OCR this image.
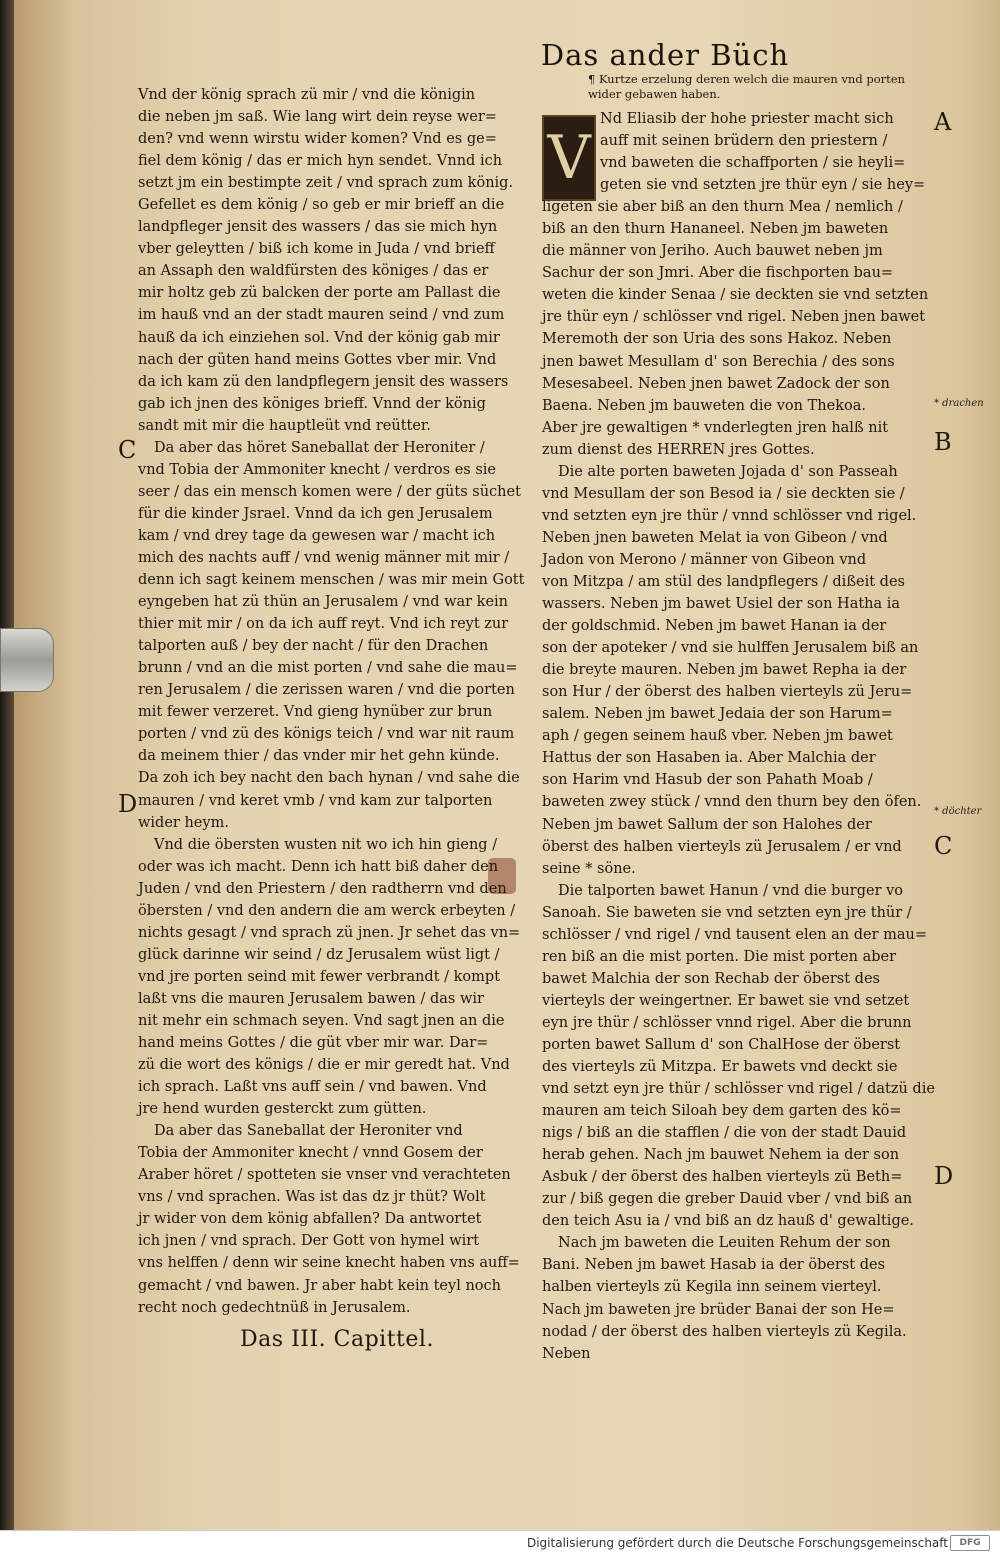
Das ander Büch
Vnd der könig sprach zü mir / vnd die königin
die neben jm saß. Wie lang wirt dein reyse wer=
den? vnd wenn wirstu wider komen? Vnd es ge=
fiel dem könig / das er mich hyn sendet. Vnnd ich
setzt jm ein bestimpte zeit / vnd sprach zum könig.
Gefellet es dem könig / so geb er mir brieff an die
landpfleger jensit des wassers / das sie mich hyn
vber geleytten / biß ich kome in Juda / vnd brieff
an Assaph den waldfürsten des königes / das er
mir holtz geb zü balcken der porte am Pallast die
im hauß vnd an der stadt mauren seind / vnd zum
hauß da ich einziehen sol. Vnd der könig gab mir
nach der güten hand meins Gottes vber mir. Vnd
da ich kam zü den landpflegern jensit des wassers
gab ich jnen des königes brieff. Vnnd der könig
sandt mit mir die hauptleüt vnd reütter.
Da aber das höret Saneballat der Heroniter /
vnd Tobia der Ammoniter knecht / verdros es sie
seer / das ein mensch komen were / der güts süchet
für die kinder Jsrael. Vnnd da ich gen Jerusalem
kam / vnd drey tage da gewesen war / macht ich
mich des nachts auff / vnd wenig männer mit mir /
denn ich sagt keinem menschen / was mir mein Gott
eyngeben hat zü thün an Jerusalem / vnd war kein
thier mit mir / on da ich auff reyt. Vnd ich reyt zur
talporten auß / bey der nacht / für den Drachen
brunn / vnd an die mist porten / vnd sahe die mau=
ren Jerusalem / die zerissen waren / vnd die porten
mit fewer verzeret. Vnd gieng hynüber zur brun
porten / vnd zü des königs teich / vnd war nit raum
da meinem thier / das vnder mir het gehn künde.
Da zoh ich bey nacht den bach hynan / vnd sahe die
mauren / vnd keret vmb / vnd kam zur talporten
wider heym.
Vnd die öbersten wusten nit wo ich hin gieng /
oder was ich macht. Denn ich hatt biß daher den
Juden / vnd den Priestern / den radtherrn vnd den
öbersten / vnd den andern die am werck erbeyten /
nichts gesagt / vnd sprach zü jnen. Jr sehet das vn=
glück darinne wir seind / dz Jerusalem wüst ligt /
vnd jre porten seind mit fewer verbrandt / kompt
laßt vns die mauren Jerusalem bawen / das wir
nit mehr ein schmach seyen. Vnd sagt jnen an die
hand meins Gottes / die güt vber mir war. Dar=
zü die wort des königs / die er mir geredt hat. Vnd
ich sprach. Laßt vns auff sein / vnd bawen. Vnd
jre hend wurden gesterckt zum gütten.
Da aber das Saneballat der Heroniter vnd
Tobia der Ammoniter knecht / vnnd Gosem der
Araber höret / spotteten sie vnser vnd verachteten
vns / vnd sprachen. Was ist das dz jr thüt? Wolt
jr wider von dem könig abfallen? Da antwortet
ich jnen / vnd sprach. Der Gott von hymel wirt
vns helffen / denn wir seine knecht haben vns auff=
gemacht / vnd bawen. Jr aber habt kein teyl noch
recht noch gedechtnüß in Jerusalem.
Das III. Capittel.
¶ Kurtze erzelung deren welch die mauren vnd porten wider gebawen haben.
V
Nd Eliasib der hohe priester macht sich
auff mit seinen brüdern den priestern /
vnd baweten die schaffporten / sie heyli=
geten sie vnd setzten jre thür eyn / sie hey=
ligeten sie aber biß an den thurn Mea / nemlich /
biß an den thurn Hananeel. Neben jm baweten
die männer von Jeriho. Auch bauwet neben jm
Sachur der son Jmri. Aber die fischporten bau=
weten die kinder Senaa / sie deckten sie vnd setzten
jre thür eyn / schlösser vnd rigel. Neben jnen bawet
Meremoth der son Uria des sons Hakoz. Neben
jnen bawet Mesullam d' son Berechia / des sons
Mesesabeel. Neben jnen bawet Zadock der son
Baena. Neben jm bauweten die von Thekoa.
Aber jre gewaltigen * vnderlegten jren halß nit
zum dienst des HERREN jres Gottes.
Die alte porten baweten Jojada d' son Passeah
vnd Mesullam der son Besod ia / sie deckten sie /
vnd setzten eyn jre thür / vnnd schlösser vnd rigel.
Neben jnen baweten Melat ia von Gibeon / vnd
Jadon von Merono / männer von Gibeon vnd
von Mitzpa / am stül des landpflegers / dißeit des
wassers. Neben jm bawet Usiel der son Hatha ia
der goldschmid. Neben jm bawet Hanan ia der
son der apoteker / vnd sie hulffen Jerusalem biß an
die breyte mauren. Neben jm bawet Repha ia der
son Hur / der öberst des halben vierteyls zü Jeru=
salem. Neben jm bawet Jedaia der son Harum=
aph / gegen seinem hauß vber. Neben jm bawet
Hattus der son Hasaben ia. Aber Malchia der
son Harim vnd Hasub der son Pahath Moab /
baweten zwey stück / vnnd den thurn bey den öfen.
Neben jm bawet Sallum der son Halohes der
öberst des halben vierteyls zü Jerusalem / er vnd
seine * söne.
Die talporten bawet Hanun / vnd die burger vo
Sanoah. Sie baweten sie vnd setzten eyn jre thür /
schlösser / vnd rigel / vnd tausent elen an der mau=
ren biß an die mist porten. Die mist porten aber
bawet Malchia der son Rechab der öberst des
vierteyls der weingertner. Er bawet sie vnd setzet
eyn jre thür / schlösser vnnd rigel. Aber die brunn
porten bawet Sallum d' son ChalHose der öberst
des vierteyls zü Mitzpa. Er bawets vnd deckt sie
vnd setzt eyn jre thür / schlösser vnd rigel / datzü die
mauren am teich Siloah bey dem garten des kö=
nigs / biß an die stafflen / die von der stadt Dauid
herab gehen. Nach jm bauwet Nehem ia der son
Asbuk / der öberst des halben vierteyls zü Beth=
zur / biß gegen die greber Dauid vber / vnd biß an
den teich Asu ia / vnd biß an dz hauß d' gewaltige.
Nach jm baweten die Leuiten Rehum der son
Bani. Neben jm bawet Hasab ia der öberst des
halben vierteyls zü Kegila inn seinem vierteyl.
Nach jm baweten jre brüder Banai der son He=
nodad / der öberst des halben vierteyls zü Kegila.
Neben
C
D
A
B
C
D
* drachen
* döchter
Digitalisierung gefördert durch die Deutsche Forschungsgemeinschaft	DFG
